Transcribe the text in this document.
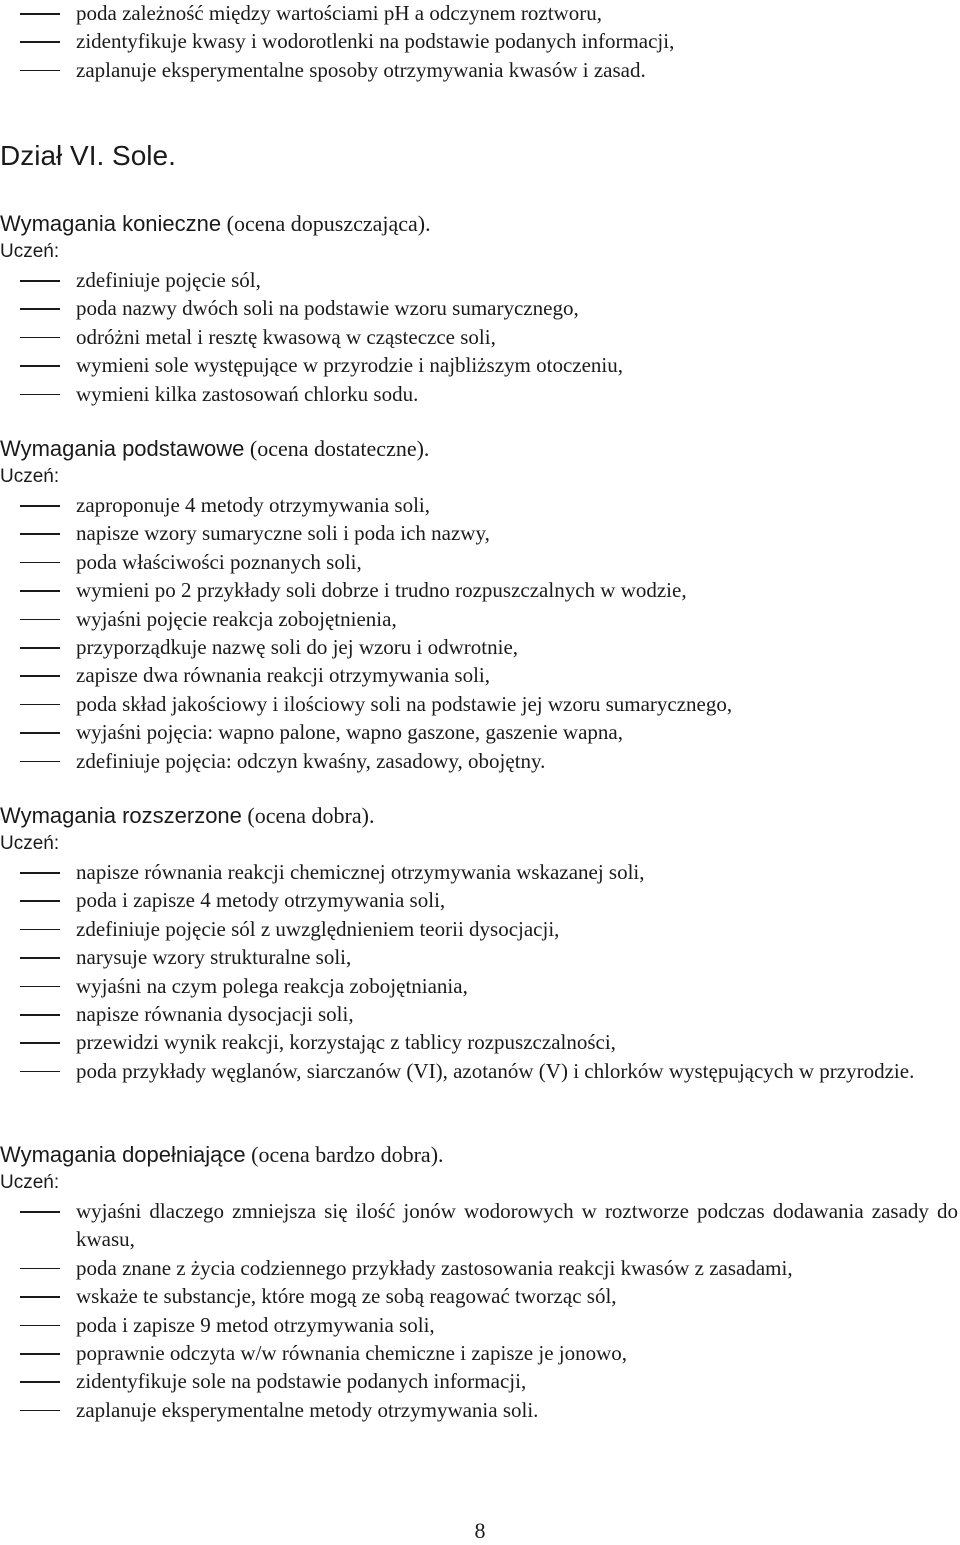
poda zależność między wartościami pH a odczynem roztworu,
zidentyfikuje kwasy i wodorotlenki na podstawie podanych informacji,
zaplanuje eksperymentalne sposoby otrzymywania kwasów i zasad.
Dział VI. Sole.

Wymagania konieczne (ocena dopuszczająca).

Uczeń:

zdefiniuje pojęcie sól,
poda nazwy dwóch soli na podstawie wzoru sumarycznego,
odróżni metal i resztę kwasową w cząsteczce soli,
wymieni sole występujące w przyrodzie i najbliższym otoczeniu,
wymieni kilka zastosowań chlorku sodu.

Wymagania podstawowe (ocena dostateczne).

Uczeń:

zaproponuje 4 metody otrzymywania soli,
napisze wzory sumaryczne soli i poda ich nazwy,
poda właściwości poznanych soli,
wymieni po 2 przykłady soli dobrze i trudno rozpuszczalnych w wodzie,
wyjaśni pojęcie reakcja zobojętnienia,
przyporządkuje nazwę soli do jej wzoru i odwrotnie,
zapisze dwa równania reakcji otrzymywania soli,
poda skład jakościowy i ilościowy soli na podstawie jej wzoru sumarycznego,
wyjaśni pojęcia: wapno palone, wapno gaszone, gaszenie wapna,
zdefiniuje pojęcia: odczyn kwaśny, zasadowy, obojętny.

Wymagania rozszerzone (ocena dobra).

Uczeń:

napisze równania reakcji chemicznej otrzymywania wskazanej soli,
poda i zapisze 4 metody otrzymywania soli,
zdefiniuje pojęcie sól z uwzględnieniem teorii dysocjacji,
narysuje wzory strukturalne soli,
wyjaśni na czym polega reakcja zobojętniania,
napisze równania dysocjacji soli,
przewidzi wynik reakcji, korzystając z tablicy rozpuszczalności,
poda przykłady węglanów, siarczanów (VI), azotanów (V) i chlorków występujących w przyrodzie.

Wymagania dopełniające (ocena bardzo dobra).

Uczeń:

wyjaśni dlaczego zmniejsza się ilość jonów wodorowych w roztworze podczas dodawania zasady do kwasu,
poda znane z życia codziennego przykłady zastosowania reakcji kwasów z zasadami,
wskaże te substancje, które mogą ze sobą reagować tworząc sól,
poda i zapisze 9 metod otrzymywania soli,
poprawnie odczyta w/w równania chemiczne i zapisze je jonowo,
zidentyfikuje sole na podstawie podanych informacji,
zaplanuje eksperymentalne metody otrzymywania soli.
8
